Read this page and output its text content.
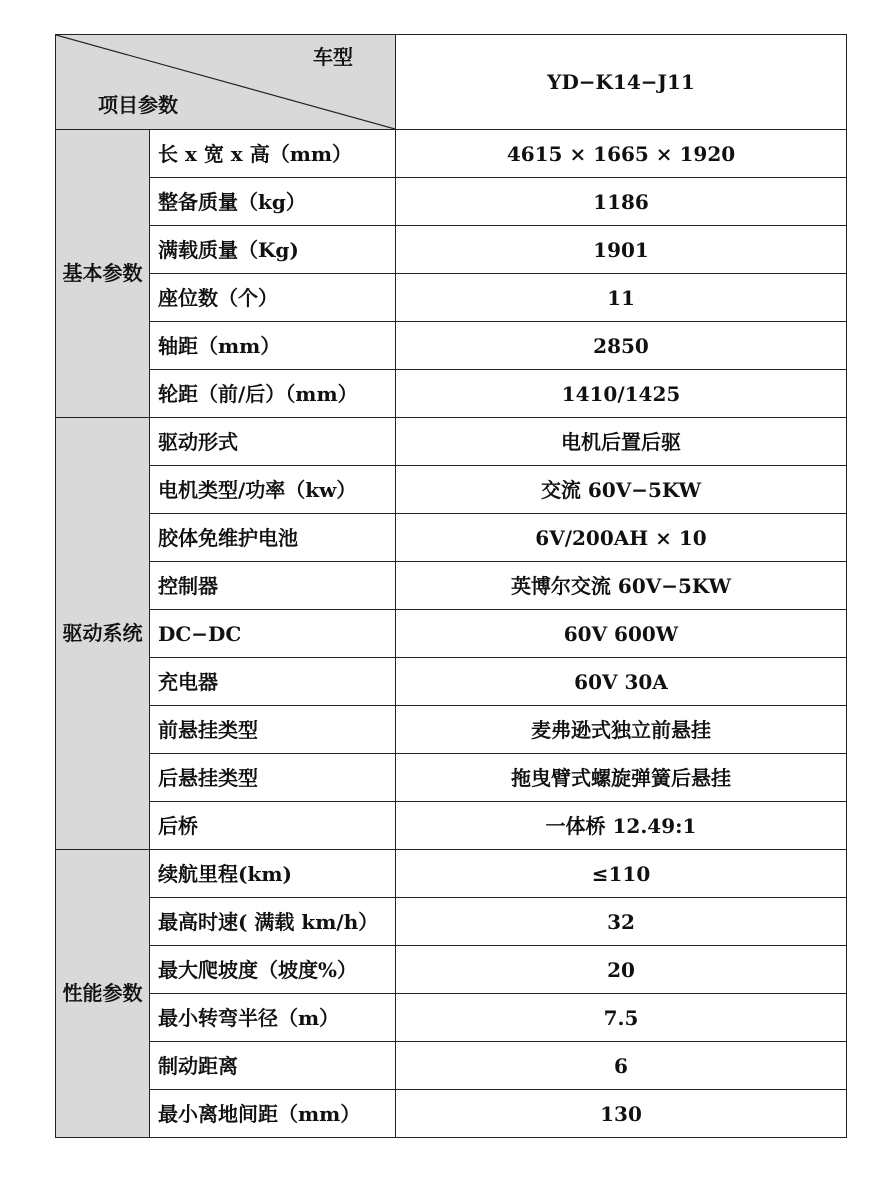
车型
项目参数		YD−K14−J11
基本参数	长 x 宽 x 高（mm）	4615 × 1665 × 1920
	整备质量（kg）	1186
	满载质量（Kg)	1901
	座位数（个）	11
	轴距（mm）	2850
	轮距（前/后）（mm）	1410/1425
驱动系统	驱动形式	电机后置后驱
	电机类型/功率（kw）	交流 60V−5KW
	胶体免维护电池	6V/200AH × 10
	控制器	英博尔交流 60V−5KW
	DC−DC	60V 600W
	充电器	60V 30A
	前悬挂类型	麦弗逊式独立前悬挂
	后悬挂类型	拖曳臂式螺旋弹簧后悬挂
	后桥	一体桥 12.49:1
性能参数	续航里程(km)	≤110
	最高时速( 满载 km/h）	32
	最大爬坡度（坡度%）	20
	最小转弯半径（m）	7.5
	制动距离	6
	最小离地间距（mm）	130
